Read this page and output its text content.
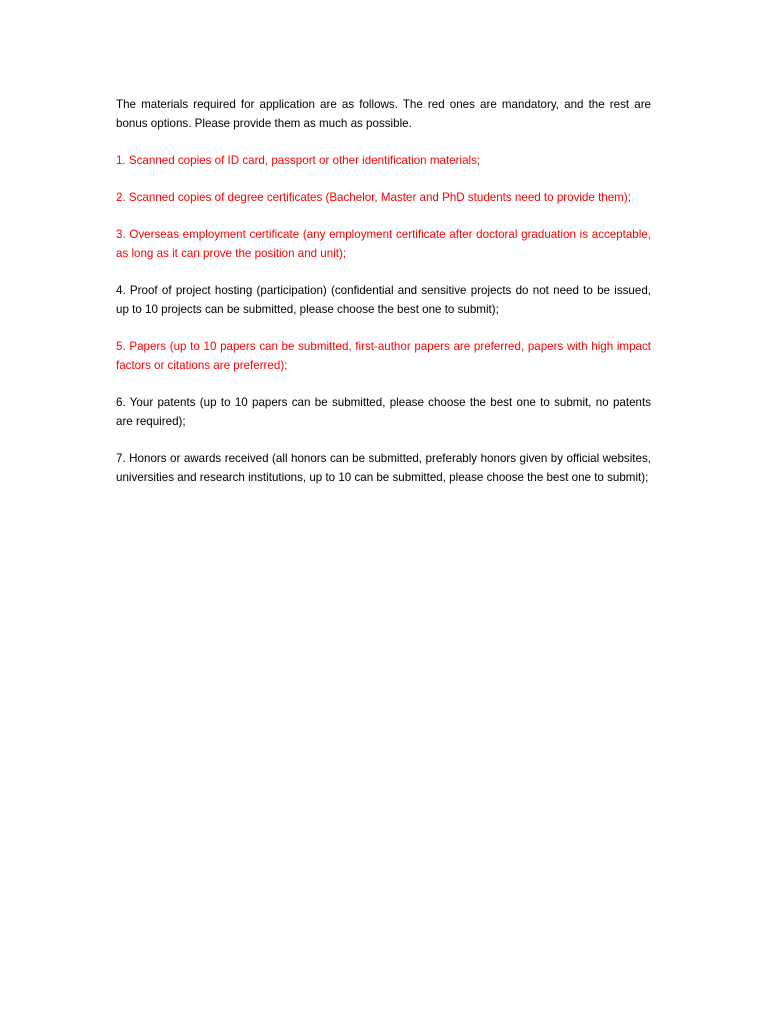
The materials required for application are as follows. The red ones are mandatory, and the rest are bonus options. Please provide them as much as possible.

1. Scanned copies of ID card, passport or other identification materials;

2. Scanned copies of degree certificates (Bachelor, Master and PhD students need to provide them);

3. Overseas employment certificate (any employment certificate after doctoral graduation is acceptable, as long as it can prove the position and unit);

4. Proof of project hosting (participation) (confidential and sensitive projects do not need to be issued, up to 10 projects can be submitted, please choose the best one to submit);

5. Papers (up to 10 papers can be submitted, first-author papers are preferred, papers with high impact factors or citations are preferred);

6. Your patents (up to 10 papers can be submitted, please choose the best one to submit, no patents are required);

7. Honors or awards received (all honors can be submitted, preferably honors given by official websites, universities and research institutions, up to 10 can be submitted, please choose the best one to submit);
